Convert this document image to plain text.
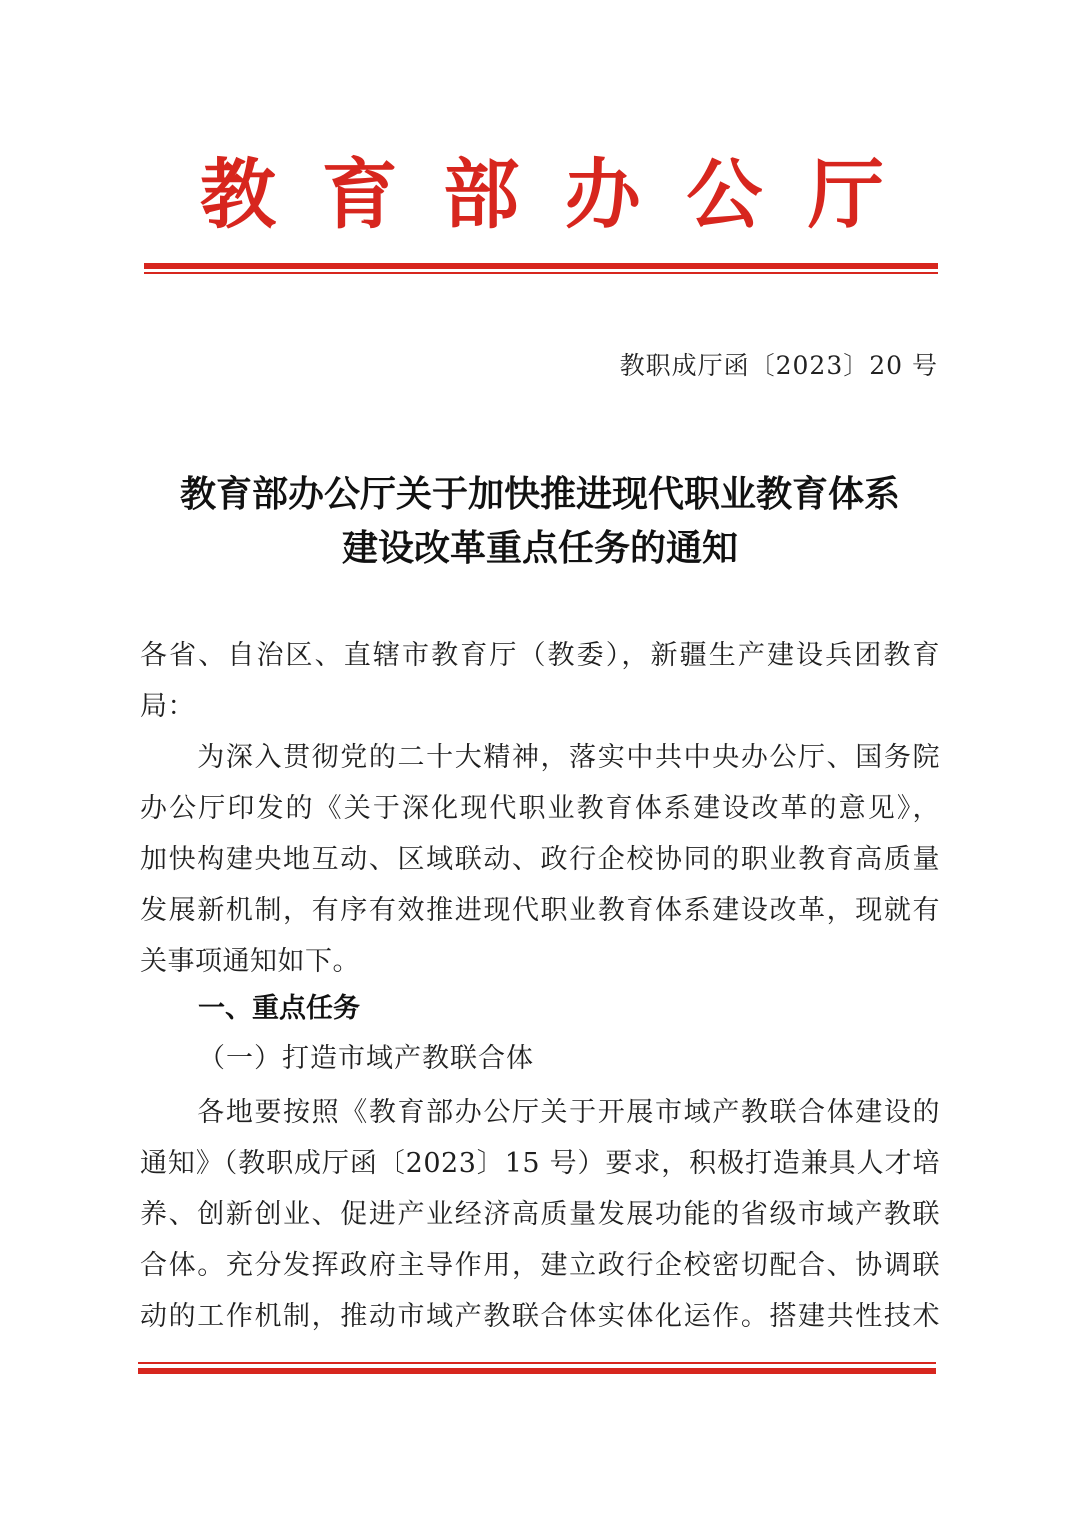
教 育 部 办 公 厅
教职成厅函〔2023〕20 号
教育部办公厅关于加快推进现代职业教育体系
建设改革重点任务的通知
各省、自治区、直辖市教育厅（教委），新疆生产建设兵团教育
局：
　　为深入贯彻党的二十大精神，落实中共中央办公厅、国务院
办公厅印发的《关于深化现代职业教育体系建设改革的意见》，
加快构建央地互动、区域联动、政行企校协同的职业教育高质量
发展新机制，有序有效推进现代职业教育体系建设改革，现就有
关事项通知如下。
一、重点任务
（一）打造市域产教联合体
　　各地要按照《教育部办公厅关于开展市域产教联合体建设的
通知》（教职成厅函〔2023〕15 号）要求，积极打造兼具人才培
养、创新创业、促进产业经济高质量发展功能的省级市域产教联
合体。充分发挥政府主导作用，建立政行企校密切配合、协调联
动的工作机制，推动市域产教联合体实体化运作。搭建共性技术
